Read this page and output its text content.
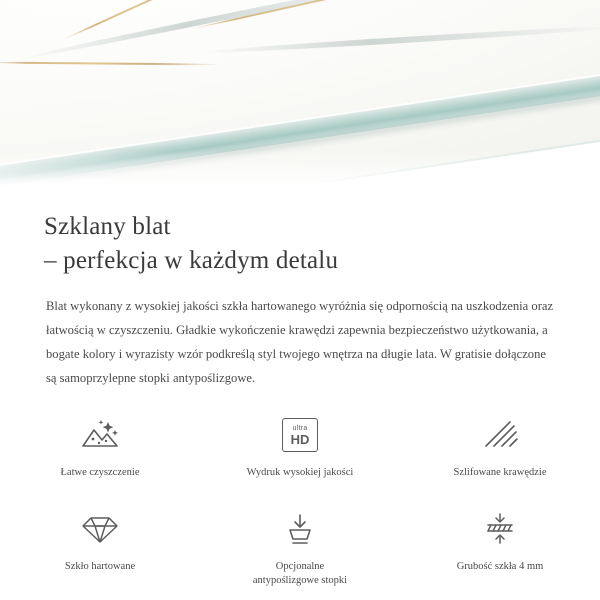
Szklany blat
– perfekcja w każdym detalu

Blat wykonany z wysokiej jakości szkła hartowanego wyróżnia się odpornością na uszkodzenia oraz łatwością w czyszczeniu. Gładkie wykończenie krawędzi zapewnia bezpieczeństwo użytkowania, a bogate kolory i wyrazisty wzór podkreślą styl twojego wnętrza na długie lata. W gratisie dołączone są samoprzylepne stopki antypoślizgowe.

Łatwe czyszczenie
ultra
HD
Wydruk wysokiej jakości	Szlifowane krawędzie
Szkło hartowane	Opcjonalne
antypoślizgowe stopki
Grubość szkła 4 mm
